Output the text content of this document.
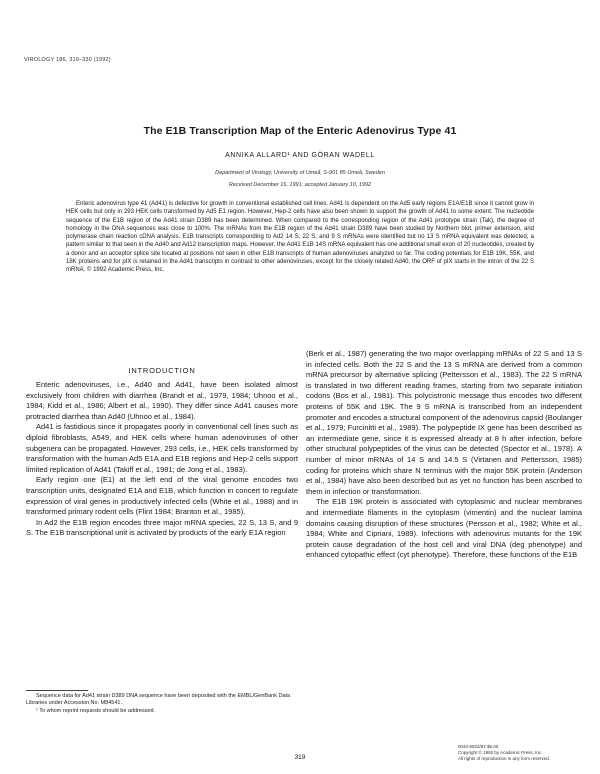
VIROLOGY 186, 319–330 (1992)
The E1B Transcription Map of the Enteric Adenovirus Type 41
ANNIKA ALLARD¹ AND GÖRAN WADELL
Department of Virology, University of Umeå, S-901 85 Umeå, Sweden
Received December 16, 1991; accepted January 10, 1992

Enteric adenovirus type 41 (Ad41) is defective for growth in conventional established cell lines. Ad41 is dependent on the Ad5 early regions E1A/E1B since it cannot grow in HEK cells but only in 293 HEK cells transformed by Ad5 E1 region. However, Hep-2 cells have also been shown to support the growth of Ad41 to some extent. The nucleotide sequence of the E1B region of the Ad41 strain D389 has been determined. When compared to the corresponding region of the Ad41 prototype strain (Tak), the degree of homology in the DNA sequences was close to 100%. The mRNAs from the E1B region of the Ad41 strain D389 have been studied by Northern blot, primer extension, and polymerase chain reaction cDNA analysis. E1B transcripts corresponding to Ad2 14 S, 22 S, and 9 S mRNAs were identified but no 13 S mRNA equivalent was detected, a pattern similar to that seen in the Ad40 and Ad12 transcription maps. However, the Ad41 E1B 14S mRNA equivalent has one additional small exon of 20 nucleotides, created by a donor and an acceptor splice site located at positions not seen in other E1B transcripts of human adenoviruses analyzed so far. The coding potentials for E1B 19K, 55K, and 18K proteins and for pIX is retained in the Ad41 transcripts in contrast to other adenoviruses, except for the closely related Ad40, the ORF of pIX starts in the intron of the 22 S mRNA. © 1992 Academic Press, Inc.

INTRODUCTION

Enteric adenoviruses, i.e., Ad40 and Ad41, have been isolated almost exclusively from children with diarrhea (Brandt et al., 1979, 1984; Uhnoo et al., 1984; Kidd et al., 1986; Albert et al., 1990). They differ since Ad41 causes more protracted diarrhea than Ad40 (Uhnoo et al., 1984).

Ad41 is fastidious since it propagates poorly in conventional cell lines such as diploid fibroblasts, A549, and HEK cells where human adenoviruses of other subgenera can be propagated. However, 293 cells, i.e., HEK cells transformed by transformation with the human Ad5 E1A and E1B regions and Hep-2 cells support limited replication of Ad41 (Takiff et al., 1981; de Jong et al., 1983).

Early region one (E1) at the left end of the viral genome encodes two transcription units, designated E1A and E1B, which function in concert to regulate expression of viral genes in productively infected cells (White et al., 1988) and in transformed primary rodent cells (Flint 1984; Branton et al., 1985).

In Ad2 the E1B region encodes three major mRNA species, 22 S, 13 S, and 9 S. The E1B transcriptional unit is activated by products of the early E1A region

Sequence data for Ad41 strain D389 DNA sequence have been deposited with the EMBL/GenBank Data Libraries under Accession No. M84541.

¹ To whom reprint requests should be addressed.

(Berk et al., 1987) generating the two major overlapping mRNAs of 22 S and 13 S in infected cells. Both the 22 S and the 13 S mRNA are derived from a common mRNA precursor by alternative splicing (Pettersson et al., 1983). The 22 S mRNA is translated in two different reading frames, starting from two separate initiation codons (Bos et al., 1981). This polycistronic message thus encodes two different proteins of 55K and 19K. The 9 S mRNA is transcribed from an independent promoter and encodes a structural component of the adenovirus capsid (Boulanger et al., 1979; Furcinitti et al., 1989). The polypeptide IX gene has been described as an intermediate gene, since it is expressed already at 8 h after infection, before other structural polypeptides of the virus can be detected (Spector et al., 1978). A number of minor mRNAs of 14 S and 14.5 S (Virtanen and Pettersson, 1985) coding for proteins which share N terminus with the major 55K protein (Anderson et al., 1984) have also been described but as yet no function has been ascribed to them in infection or transformation.

The E1B 19K protein is associated with cytoplasmic and nuclear membranes and intermediate filaments in the cytoplasm (vimentin) and the nuclear lamina domains causing disruption of these structures (Persson et al., 1982; White et al., 1984; White and Cipriani, 1989). Infections with adenovirus mutants for the 19K protein cause degradation of the host cell and viral DNA (deg phenotype) and enhanced cytopathic effect (cyt phenotype). Therefore, these functions of the E1B

319
0042-6822/92 $5.00
Copyright © 1992 by Academic Press, Inc.
All rights of reproduction in any form reserved.
